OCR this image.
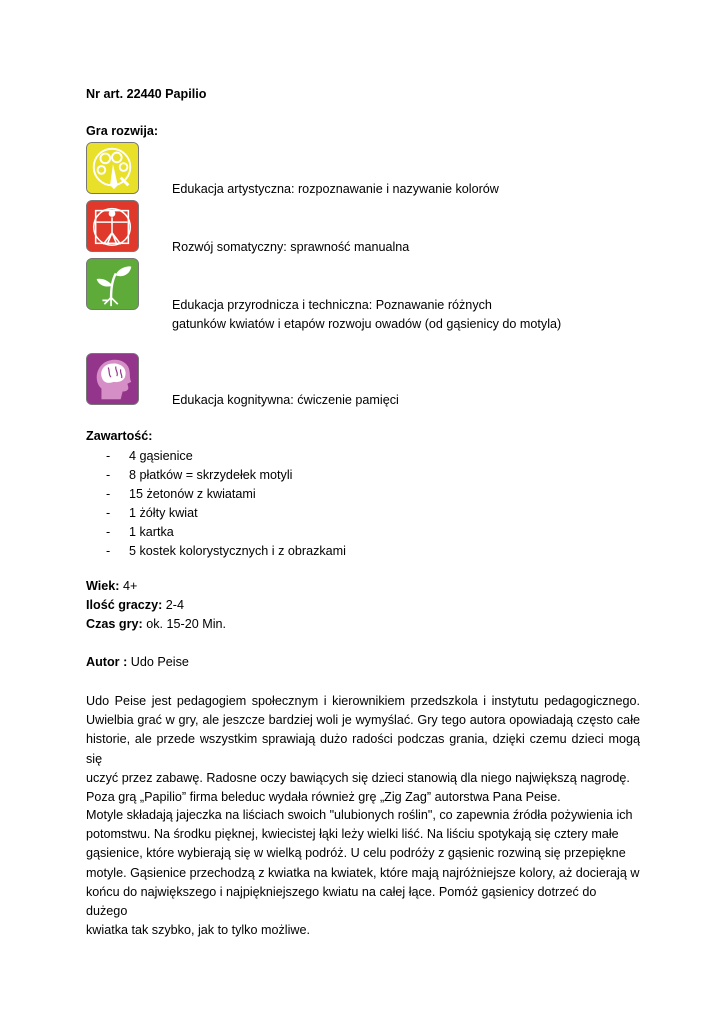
Nr art. 22440 Papilio
Gra rozwija:
Edukacja artystyczna: rozpoznawanie i nazywanie kolorów
Rozwój somatyczny: sprawność manualna
Edukacja przyrodnicza i techniczna: Poznawanie różnych
gatunków kwiatów i etapów rozwoju owadów (od gąsienicy do motyla)
Edukacja kognitywna: ćwiczenie pamięci
Zawartość:
- 4 gąsienice
- 8 płatków = skrzydełek motyli
- 15 żetonów z kwiatami
- 1 żółty kwiat
- 1 kartka
- 5 kostek kolorystycznych i z obrazkami
Wiek: 4+
Ilość graczy: 2-4
Czas gry: ok. 15-20 Min.
Autor : Udo Peise
Udo Peise jest pedagogiem społecznym i kierownikiem przedszkola i instytutu pedagogicznego.
Uwielbia grać w gry, ale jeszcze bardziej woli je wymyślać. Gry tego autora opowiadają często całe
historie, ale przede wszystkim sprawiają dużo radości podczas grania, dzięki czemu dzieci mogą się
uczyć przez zabawę. Radosne oczy bawiących się dzieci stanowią dla niego największą nagrodę.
Poza grą „Papilio” firma beleduc wydała również grę „Zig Zag” autorstwa Pana Peise.
Motyle składają jajeczka na liściach swoich "ulubionych roślin", co zapewnia źródła pożywienia ich
potomstwu. Na środku pięknej, kwiecistej łąki leży wielki liść. Na liściu spotykają się cztery małe
gąsienice, które wybierają się w wielką podróż. U celu podróży z gąsienic rozwiną się przepiękne
motyle. Gąsienice przechodzą z kwiatka na kwiatek, które mają najróżniejsze kolory, aż docierają w
końcu do największego i najpiękniejszego kwiatu na całej łące. Pomóż gąsienicy dotrzeć do dużego
kwiatka tak szybko, jak to tylko możliwe.
